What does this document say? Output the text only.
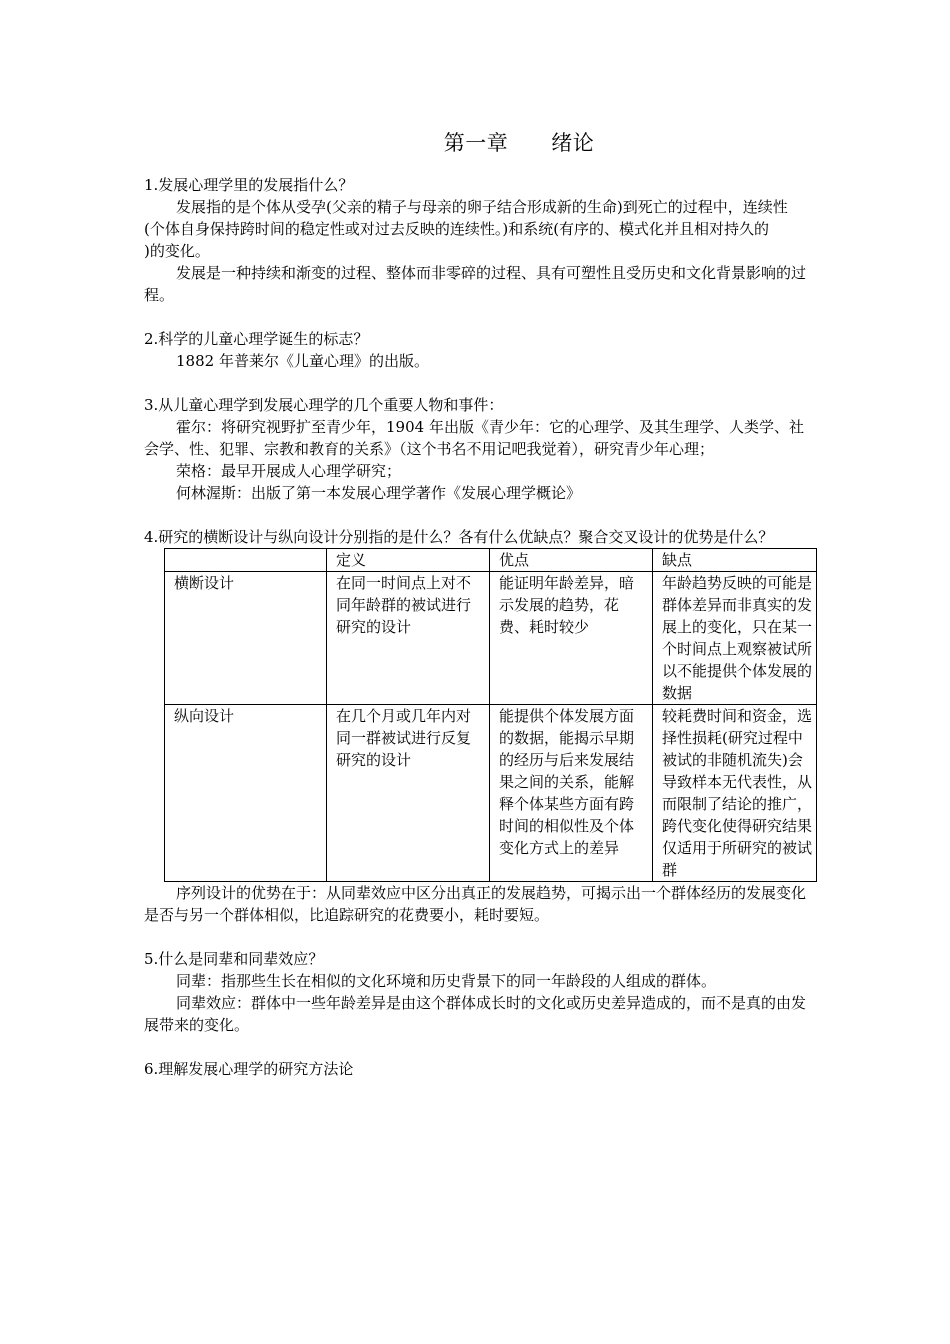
     第一章  绪论 

1.发展心理学里的发展指什么？

发展指的是个体从受孕(父亲的精子与母亲的卵子结合形成新的生命)到死亡的过程中，连续性(个体自身保持跨时间的稳定性或对过去反映的连续性。)和系统(有序的、模式化并且相对持久的

)的变化。

发展是一种持续和渐变的过程、整体而非零碎的过程、具有可塑性且受历史和文化背景影响的过程。

2.科学的儿童心理学诞生的标志？

1882 年普莱尔《儿童心理》的出版。

3.从儿童心理学到发展心理学的几个重要人物和事件：

霍尔：将研究视野扩至青少年，1904 年出版《青少年：它的心理学、及其生理学、人类学、社会学、性、犯罪、宗教和教育的关系》（这个书名不用记吧我觉着），研究青少年心理；

荣格：最早开展成人心理学研究；

何林渥斯：出版了第一本发展心理学著作《发展心理学概论》

4.研究的横断设计与纵向设计分别指的是什么？各有什么优缺点？聚合交叉设计的优势是什么？

	定义	优点	缺点
横断设计	在同一时间点上对不同年龄群的被试进行研究的设计	能证明年龄差异，暗示发展的趋势，花费、耗时较少	年龄趋势反映的可能是群体差异而非真实的发展上的变化，只在某一个时间点上观察被试所以不能提供个体发展的数据
纵向设计	在几个月或几年内对同一群被试进行反复研究的设计	能提供个体发展方面的数据，能揭示早期的经历与后来发展结果之间的关系，能解释个体某些方面有跨时间的相似性及个体变化方式上的差异	较耗费时间和资金，选择性损耗(研究过程中被试的非随机流失)会导致样本无代表性，从而限制了结论的推广，跨代变化使得研究结果仅适用于所研究的被试群

序列设计的优势在于：从同辈效应中区分出真正的发展趋势，可揭示出一个群体经历的发展变化是否与另一个群体相似，比追踪研究的花费要小，耗时要短。

5.什么是同辈和同辈效应？

同辈：指那些生长在相似的文化环境和历史背景下的同一年龄段的人组成的群体。

同辈效应：群体中一些年龄差异是由这个群体成长时的文化或历史差异造成的，而不是真的由发展带来的变化。

6.理解发展心理学的研究方法论
